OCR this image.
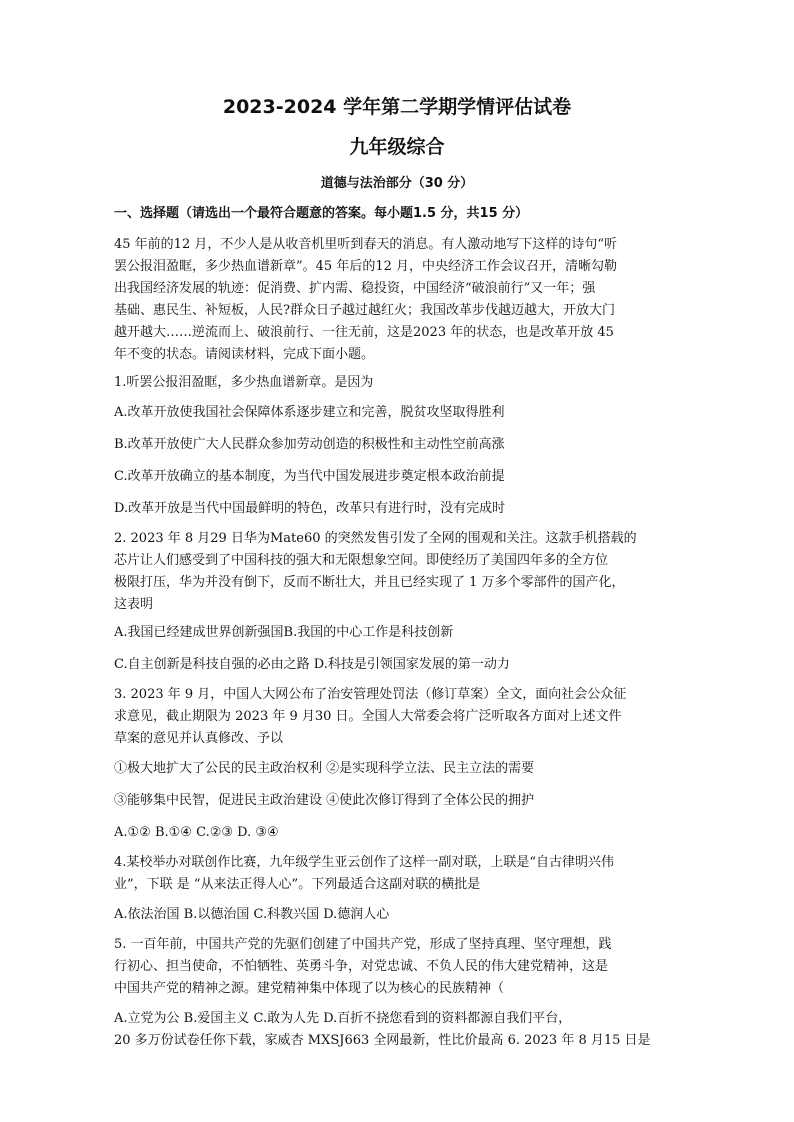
2023-2024 学年第二学期学情评估试卷
九年级综合
道德与法治部分（30 分）
一、选择题（请选出一个最符合题意的答案。每小题1.5 分，共15 分）
45 年前的12 月，不少人是从收音机里听到春天的消息。有人激动地写下这样的诗句“听
罢公报泪盈眶，多少热血谱新章”。45 年后的12 月，中央经济工作会议召开，清晰勾勒
出我国经济发展的轨迹：促消费、扩内需、稳投资，中国经济“破浪前行”又一年；强
基础、惠民生、补短板，人民?群众日子越过越红火；我国改革步伐越迈越大，开放大门
越开越大……逆流而上、破浪前行、一往无前，这是2023 年的状态，也是改革开放 45
年不变的状态。请阅读材料，完成下面小题。
1.听罢公报泪盈眶，多少热血谱新章。是因为
A.改革开放使我国社会保障体系逐步建立和完善，脱贫攻坚取得胜利
B.改革开放使广大人民群众参加劳动创造的积极性和主动性空前高涨
C.改革开放确立的基本制度，为当代中国发展进步奠定根本政治前提
D.改革开放是当代中国最鲜明的特色，改革只有进行时，没有完成时
2. 2023 年 8 月29 日华为Mate60 的突然发售引发了全网的围观和关注。这款手机搭载的
芯片让人们感受到了中国科技的强大和无限想象空间。即使经历了美国四年多的全方位
极限打压，华为并没有倒下，反而不断壮大，并且已经实现了 1 万多个零部件的国产化，
这表明
A.我国已经建成世界创新强国B.我国的中心工作是科技创新
C.自主创新是科技自强的必由之路 D.科技是引领国家发展的第一动力
3. 2023 年 9 月，中国人大网公布了治安管理处罚法（修订草案）全文，面向社会公众征
求意见，截止期限为 2023 年 9 月30 日。全国人大常委会将广泛听取各方面对上述文件
草案的意见并认真修改、予以
①极大地扩大了公民的民主政治权利 ②是实现科学立法、民主立法的需要
③能够集中民智，促进民主政治建设 ④使此次修订得到了全体公民的拥护
A.①② B.①④ C.②③ D. ③④
4.某校举办对联创作比赛，九年级学生亚云创作了这样一副对联，上联是“自古律明兴伟
业”，下联 是 “从来法正得人心”。下列最适合这副对联的横批是
A.依法治国 B.以德治国 C.科教兴国 D.德润人心
5. 一百年前，中国共产党的先驱们创建了中国共产党，形成了坚持真理、坚守理想，践
行初心、担当使命，不怕牺牲、英勇斗争，对党忠诚、不负人民的伟大建党精神，这是
中国共产党的精神之源。建党精神集中体现了以为核心的民族精神（
A.立党为公 B.爱国主义 C.敢为人先 D.百折不挠您看到的资料都源自我们平台，
20 多万份试卷任你下载，家威杏 MXSJ663 全网最新，性比价最高 6. 2023 年 8 月15 日是
